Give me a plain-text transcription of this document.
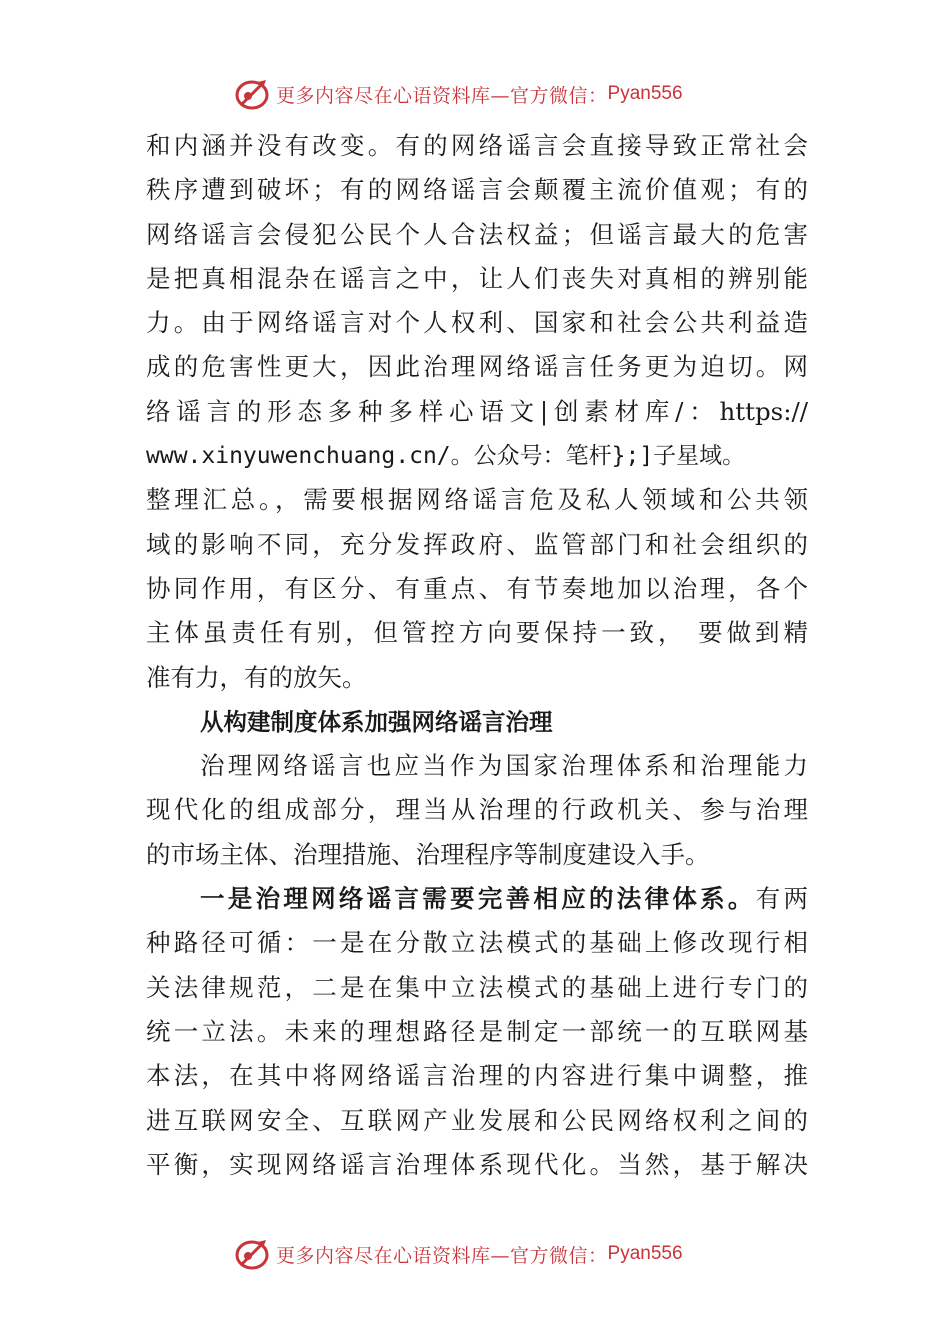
更多内容尽在心语资料库—官方微信： Pyan556
和内涵并没有改变。有的网络谣言会直接导致正常社会
秩序遭到破坏；有的网络谣言会颠覆主流价值观；有的
网络谣言会侵犯公民个人合法权益；但谣言最大的危害
是把真相混杂在谣言之中，让人们丧失对真相的辨别能
力。由于网络谣言对个人权利、国家和社会公共利益造
成的危害性更大，因此治理网络谣言任务更为迫切。网
络谣言的形态多种多样心语文|创素材库/：https://
www.xinyuwenchuang.cn/。公众号：笔杆};]子星域。
整理汇总。，需要根据网络谣言危及私人领域和公共领
域的影响不同，充分发挥政府、监管部门和社会组织的
协同作用，有区分、有重点、有节奏地加以治理，各个
主体虽责任有别，但管控方向要保持一致， 要做到精
准有力，有的放矢。
从构建制度体系加强网络谣言治理
治理网络谣言也应当作为国家治理体系和治理能力
现代化的组成部分，理当从治理的行政机关、参与治理
的市场主体、治理措施、治理程序等制度建设入手。
一是治理网络谣言需要完善相应的法律体系。有两
种路径可循：一是在分散立法模式的基础上修改现行相
关法律规范，二是在集中立法模式的基础上进行专门的
统一立法。未来的理想路径是制定一部统一的互联网基
本法，在其中将网络谣言治理的内容进行集中调整，推
进互联网安全、互联网产业发展和公民网络权利之间的
平衡，实现网络谣言治理体系现代化。当然，基于解决
更多内容尽在心语资料库—官方微信： Pyan556
